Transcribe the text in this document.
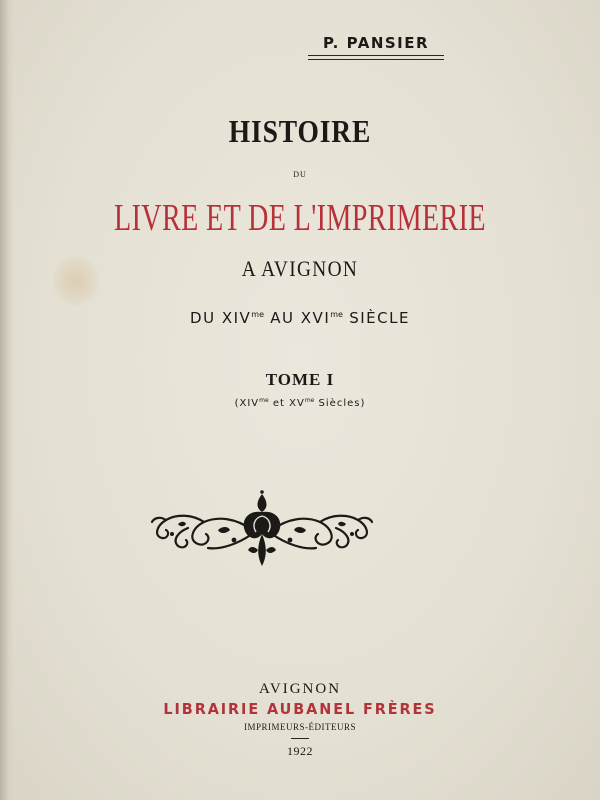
P. PANSIER
HISTOIRE
DU
LIVRE ET DE L'IMPRIMERIE
A AVIGNON
DU $XIV^{me}$ AU $XVI^{me}$ SIÈCLE
TOME I
($XIV^{me}$ et $XV^{me}$ Siècles)
AVIGNON
LIBRAIRIE AUBANEL FRÈRES
IMPRIMEURS-ÉDITEURS
1922
